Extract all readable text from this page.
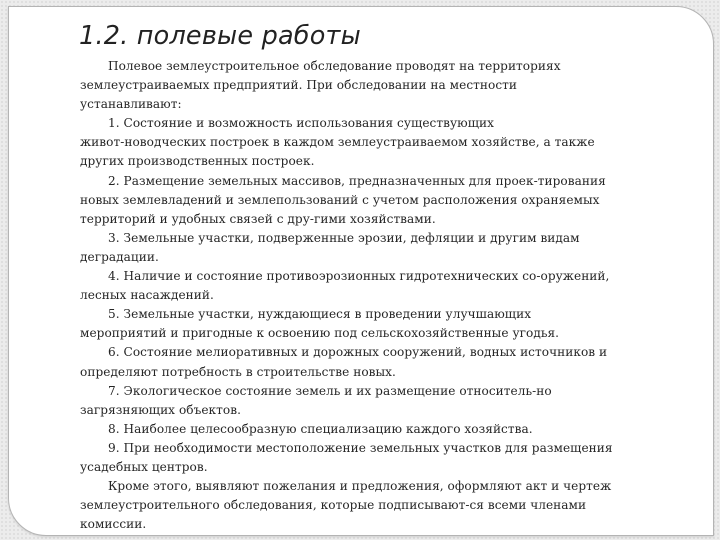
1.2. полевые работы

Полевое землеустроительное обследование проводят на территориях
землеустраиваемых предприятий. При обследовании на местности
устанавливают:

1. Состояние и возможность использования существующих
живот-новодческих построек в каждом землеустраиваемом хозяйстве, а также
других производственных построек.

2. Размещение земельных массивов, предназначенных для проек-тирования
новых землевладений и землепользований с учетом расположения охраняемых
территорий и удобных связей с дру-гими хозяйствами.

3. Земельные участки, подверженные эрозии, дефляции и другим видам
деградации.

4. Наличие и состояние противоэрозионных гидротехнических со-оружений,
лесных насаждений.

5. Земельные участки, нуждающиеся в проведении улучшающих
мероприятий и пригодные к освоению под сельскохозяйственные угодья.

6. Состояние мелиоративных и дорожных сооружений, водных источников и
определяют потребность в строительстве новых.

7. Экологическое состояние земель и их размещение относитель-но
загрязняющих объектов.

8. Наиболее целесообразную специализацию каждого хозяйства.

9. При необходимости местоположение земельных участков для размещения
усадебных центров.

Кроме этого, выявляют пожелания и предложения, оформляют акт и чертеж
землеустроительного обследования, которые подписывают-ся всеми членами
комиссии.
